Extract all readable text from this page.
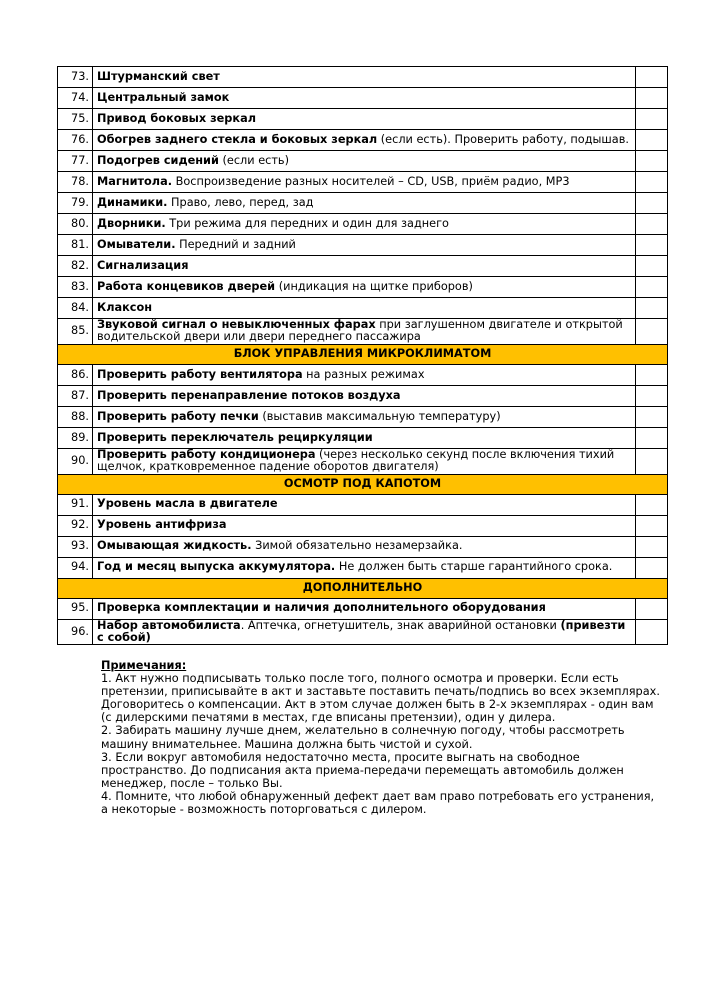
73.	Штурманский свет	
74.	Центральный замок	
75.	Привод боковых зеркал	
76.	Обогрев заднего стекла и боковых зеркал (если есть). Проверить работу, подышав.	
77.	Подогрев сидений (если есть)	
78.	Магнитола. Воспроизведение разных носителей – CD, USB, приём радио, MP3	
79.	Динамики. Право, лево, перед, зад	
80.	Дворники. Три режима для передних и один для заднего	
81.	Омыватели. Передний и задний	
82.	Сигнализация	
83.	Работа концевиков дверей (индикация на щитке приборов)	
84.	Клаксон	
85.	Звуковой сигнал о невыключенных фарах при заглушенном двигателе и открытой водительской двери или двери переднего пассажира	
БЛОК УПРАВЛЕНИЯ МИКРОКЛИМАТОМ		
86.	Проверить работу вентилятора на разных режимах	
87.	Проверить перенаправление потоков воздуха	
88.	Проверить работу печки (выставив максимальную температуру)	
89.	Проверить переключатель рециркуляции	
90.	Проверить работу кондиционера (через несколько секунд после включения тихий щелчок, кратковременное падение оборотов двигателя)	
ОСМОТР ПОД КАПОТОМ		
91.	Уровень масла в двигателе	
92.	Уровень антифриза	
93.	Омывающая жидкость. Зимой обязательно незамерзайка.	
94.	Год и месяц выпуска аккумулятора. Не должен быть старше гарантийного срока.	
ДОПОЛНИТЕЛЬНО		
95.	Проверка комплектации и наличия дополнительного оборудования	
96.	Набор автомобилиста. Аптечка, огнетушитель, знак аварийной остановки (привезти с собой)	
Примечания:

1. Акт нужно подписывать только после того, полного осмотра и проверки. Если есть претензии, приписывайте в акт и заставьте поставить печать/подпись во всех экземплярах. Договоритесь о компенсации. Акт в этом случае должен быть в 2-х экземплярах - один вам (с дилерскими печатями в местах, где вписаны претензии), один у дилера.

2. Забирать машину лучше днем, желательно в солнечную погоду, чтобы рассмотреть машину внимательнее. Машина должна быть чистой и сухой.

3. Если вокруг автомобиля недостаточно места, просите выгнать на свободное пространство. До подписания акта приема-передачи перемещать автомобиль должен менеджер, после – только Вы.

4. Помните, что любой обнаруженный дефект дает вам право потребовать его устранения, а некоторые - возможность поторговаться с дилером.
